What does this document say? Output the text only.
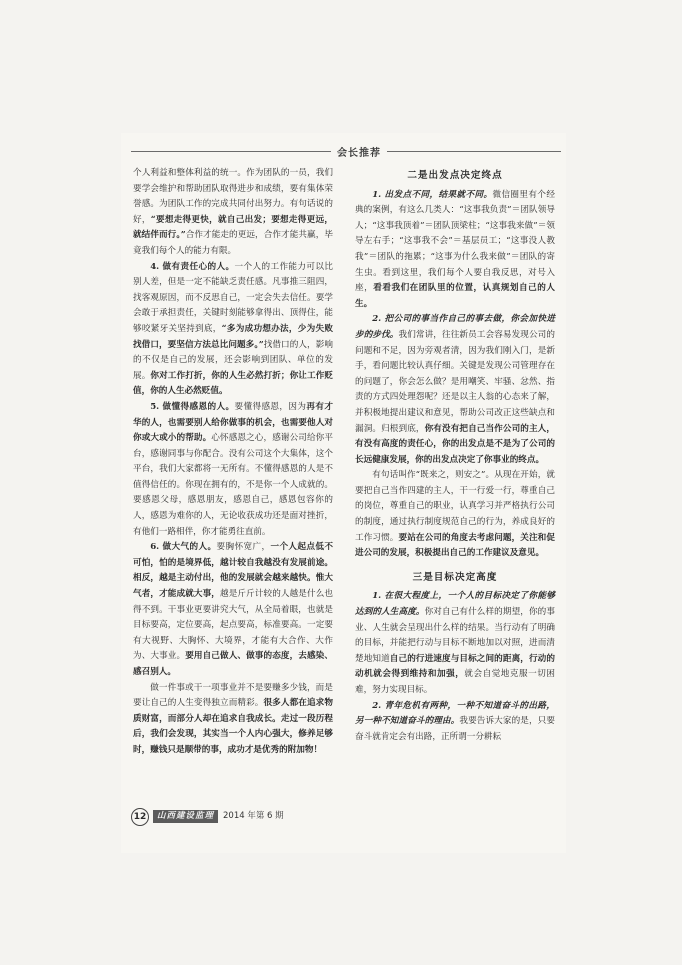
会长推荐

个人利益和整体利益的统一。作为团队的一员，我们要学会维护和帮助团队取得进步和成绩，要有集体荣誉感。为团队工作的完成共同付出努力。有句话说的好，“要想走得更快，就自己出发；要想走得更远，就结伴而行。”合作才能走的更远，合作才能共赢，毕竟我们每个人的能力有限。

4. 做有责任心的人。一个人的工作能力可以比别人差，但是一定不能缺乏责任感。凡事推三阻四，找客观原因，而不反思自己，一定会失去信任。要学会敢于承担责任，关键时刻能够拿得出、顶得住，能够咬紧牙关坚持到底，“多为成功想办法，少为失败找借口，要坚信方法总比问题多。”找借口的人，影响的不仅是自己的发展，还会影响到团队、单位的发展。你对工作打折，你的人生必然打折；你让工作贬值，你的人生必然贬值。

5. 做懂得感恩的人。要懂得感恩，因为再有才华的人，也需要别人给你做事的机会，也需要他人对你或大或小的帮助。心怀感恩之心，感谢公司给你平台，感谢同事与你配合。没有公司这个大集体，这个平台，我们大家都将一无所有。不懂得感恩的人是不值得信任的。你现在拥有的，不是你一个人成就的。要感恩父母，感恩朋友，感恩自己，感恩包容你的人，感恩为难你的人，无论收获成功还是面对挫折，有他们一路相伴，你才能勇往直前。

6. 做大气的人。要胸怀宽广，一个人起点低不可怕，怕的是境界低，越计较自我越没有发展前途。相反，越是主动付出，他的发展就会越来越快。惟大气者，才能成就大事，越是斤斤计较的人越是什么也得不到。干事业更要讲究大气，从全局着眼，也就是目标要高，定位要高，起点要高，标准要高。一定要有大视野、大胸怀、大境界，才能有大合作、大作为、大事业。要用自己做人、做事的态度，去感染、感召别人。

做一件事或干一项事业并不是要赚多少钱，而是要让自己的人生变得独立而精彩。很多人都在追求物质财富，而部分人却在追求自我成长。走过一段历程后，我们会发现，其实当一个人内心强大，修养足够时，赚钱只是顺带的事，成功才是优秀的附加物！

二是出发点决定终点

1. 出发点不同，结果就不同。微信圈里有个经典的案例，有这么几类人：“这事我负责”＝团队领导人；“这事我顶着”＝团队顶梁柱；“这事我来做”＝领导左右手；“这事我不会”＝基层员工；“这事没人教我”＝团队的拖累；“这事为什么我来做”＝团队的寄生虫。看到这里，我们每个人要自我反思，对号入座，看看我们在团队里的位置，认真规划自己的人生。

2. 把公司的事当作自己的事去做，你会加快进步的步伐。我们常讲，往往新员工会容易发现公司的问题和不足，因为旁观者清，因为我们刚入门，是新手，看问题比较认真仔细。关键是发现公司管理存在的问题了，你会怎么做？是用嘲笑、牢骚、忿然、指责的方式四处理怨呢？还是以主人翁的心态来了解，并积极地提出建议和意见，帮助公司改正这些缺点和漏洞。归根到底，你有没有把自己当作公司的主人，有没有高度的责任心，你的出发点是不是为了公司的长远健康发展，你的出发点决定了你事业的终点。

有句话叫作“既来之，则安之”。从现在开始，就要把自己当作四建的主人，干一行爱一行，尊重自己的岗位，尊重自己的职业，认真学习并严格执行公司的制度，通过执行制度规范自己的行为，养成良好的工作习惯。要站在公司的角度去考虑问题，关注和促进公司的发展，积极提出自己的工作建议及意见。

三是目标决定高度

1. 在很大程度上，一个人的目标决定了你能够达到的人生高度。你对自己有什么样的期望，你的事业、人生就会呈现出什么样的结果。当行动有了明确的目标，并能把行动与目标不断地加以对照，进而清楚地知道自己的行进速度与目标之间的距离，行动的动机就会得到维持和加强，就会自觉地克服一切困难，努力实现目标。

2. 青年危机有两种，一种不知道奋斗的出路，另一种不知道奋斗的理由。我要告诉大家的是，只要奋斗就肯定会有出路，正所谓一分耕耘

12	山西建设监理	2014 年第 6 期
